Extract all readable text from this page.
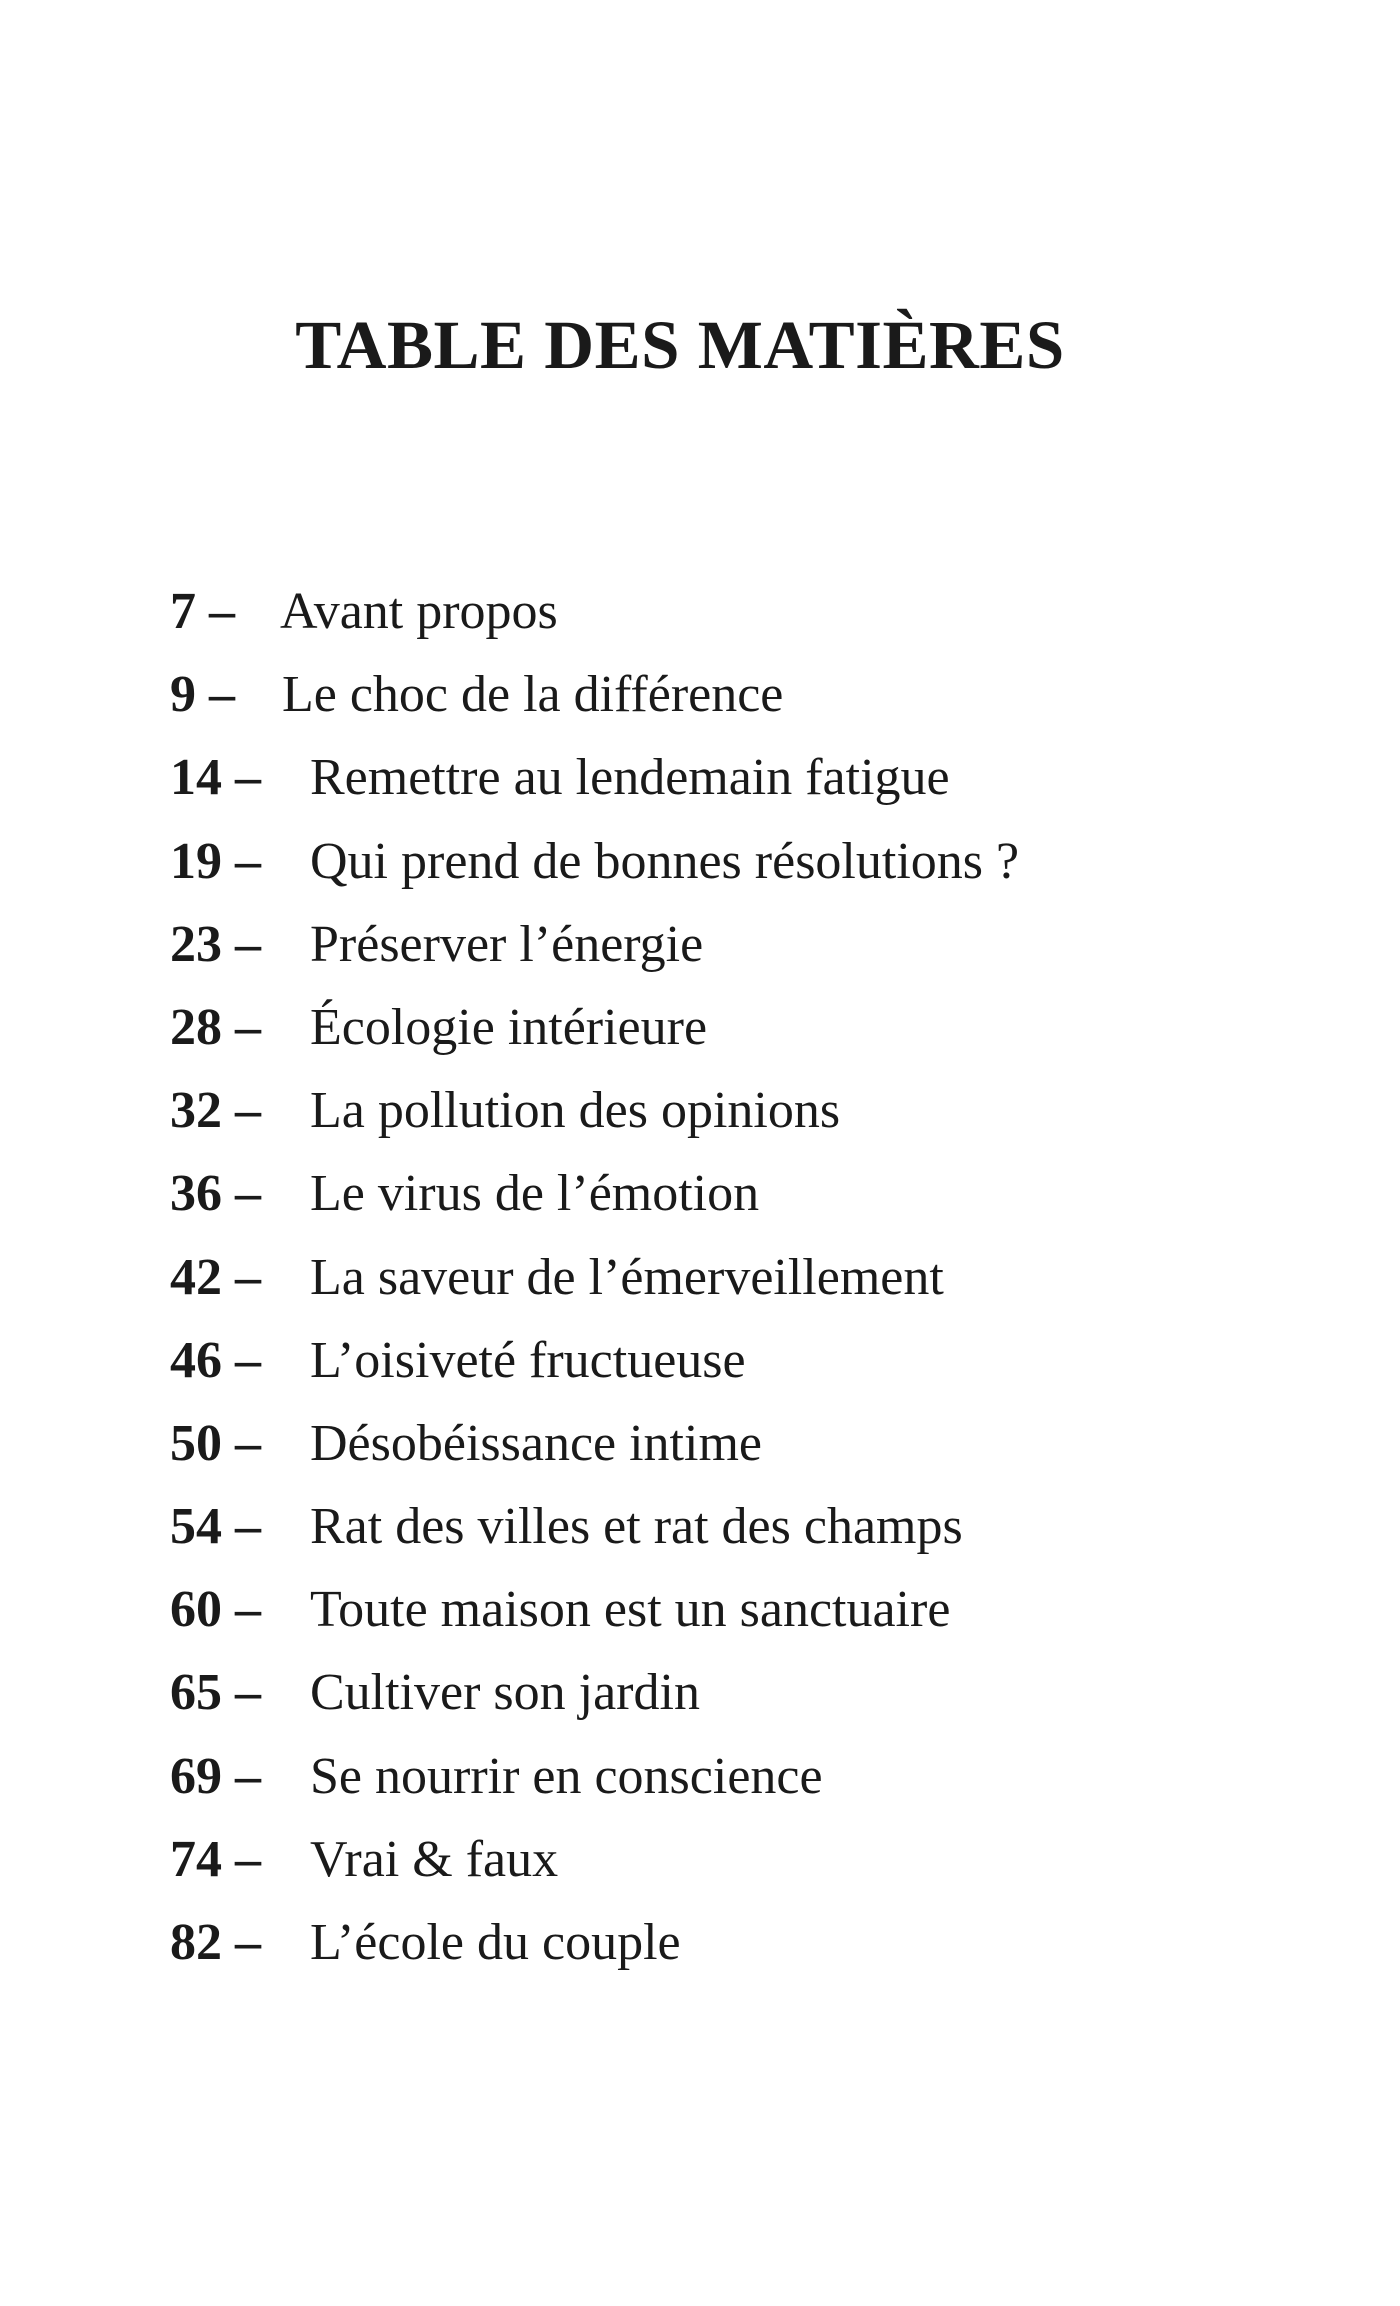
TABLE DES MATIÈRES
7 – Avant propos
9 – Le choc de la différence
14 – Remettre au lendemain fatigue
19 – Qui prend de bonnes résolutions ?
23 – Préserver l’énergie
28 – Écologie intérieure
32 – La pollution des opinions
36 – Le virus de l’émotion
42 – La saveur de l’émerveillement
46 – L’oisiveté fructueuse
50 – Désobéissance intime
54 – Rat des villes et rat des champs
60 – Toute maison est un sanctuaire
65 – Cultiver son jardin
69 – Se nourrir en conscience
74 – Vrai & faux
82 – L’école du couple
